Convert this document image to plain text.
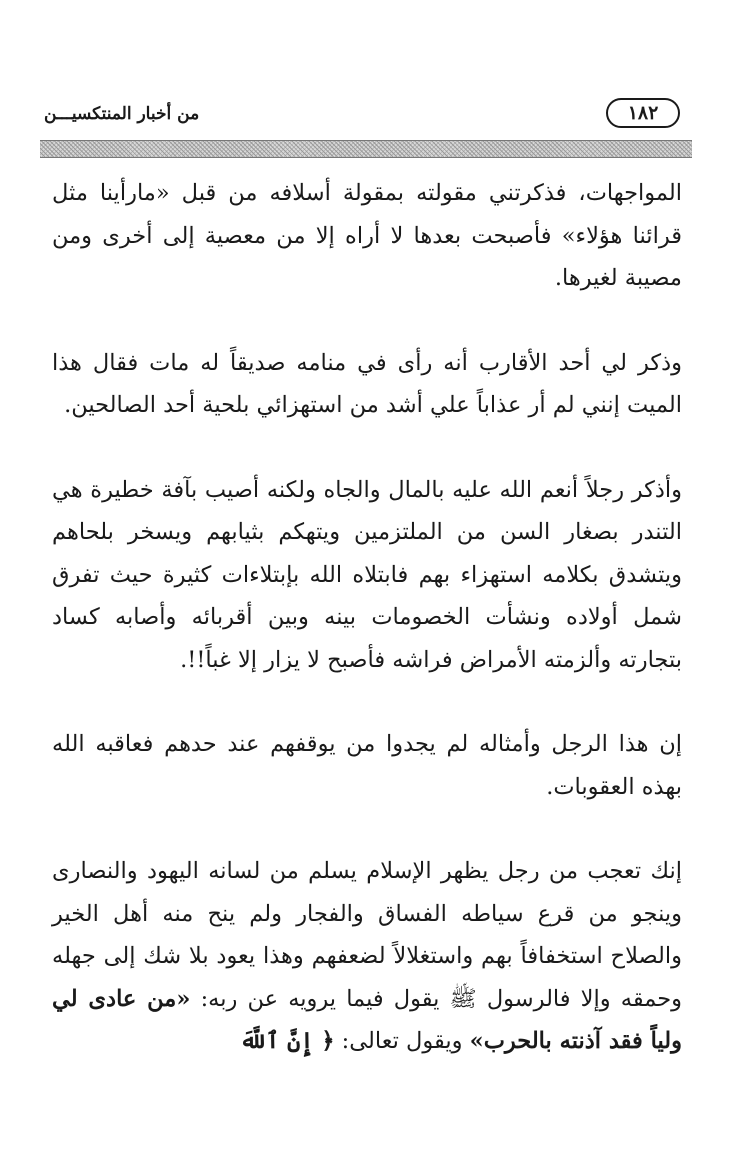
١٨٢
من أخبار المنتكسيـــن

المواجهات، فذكرتني مقولته بمقولة أسلافه من قبل «مارأينا مثل قرائنا هؤلاء» فأصبحت بعدها لا أراه إلا من معصية إلى أخرى ومن مصيبة لغيرها.

وذكر لي أحد الأقارب أنه رأى في منامه صديقاً له مات فقال هذا الميت إنني لم أر عذاباً علي أشد من استهزائي بلحية أحد الصالحين.

وأذكر رجلاً أنعم الله عليه بالمال والجاه ولكنه أصيب بآفة خطيرة هي التندر بصغار السن من الملتزمين ويتهكم بثيابهم ويسخر بلحاهم ويتشدق بكلامه استهزاء بهم فابتلاه الله بإبتلاءات كثيرة حيث تفرق شمل أولاده ونشأت الخصومات بينه وبين أقربائه وأصابه كساد بتجارته وألزمته الأمراض فراشه فأصبح لا يزار إلا غباً!!.

إن هذا الرجل وأمثاله لم يجدوا من يوقفهم عند حدهم فعاقبه الله بهذه العقوبات.

إنك تعجب من رجل يظهر الإسلام يسلم من لسانه اليهود والنصارى وينجو من قرع سياطه الفساق والفجار ولم ينح منه أهل الخير والصلاح استخفافاً بهم واستغلالاً لضعفهم وهذا يعود بلا شك إلى جهله وحمقه وإلا فالرسول ﷺ يقول فيما يرويه عن ربه: «من عادى لي ولياً فقد آذنته بالحرب» ويقول تعالى: ﴿ إِنَّ ٱللَّهَ
